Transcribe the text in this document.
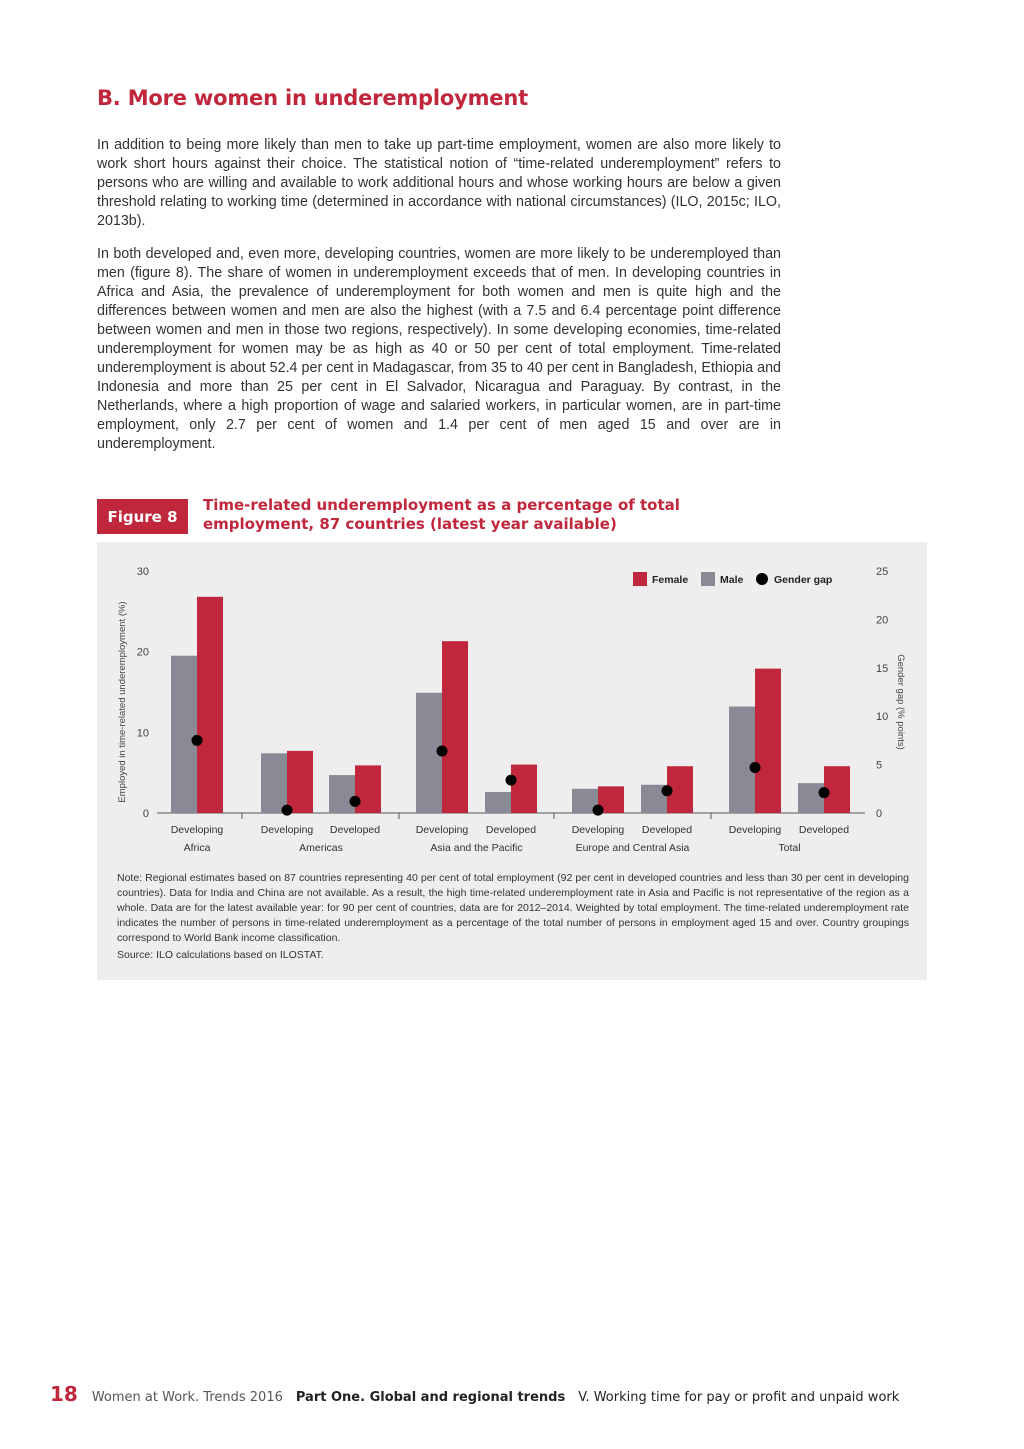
B. More women in underemployment

In addition to being more likely than men to take up part-time employment, women are also more likely to work short hours against their choice. The statistical notion of “time-related underemployment” refers to persons who are willing and available to work additional hours and whose working hours are below a given threshold relating to working time (determined in accordance with national circumstances) (ILO, 2015c; ILO, 2013b).

In both developed and, even more, developing countries, women are more likely to be underemployed than men (figure 8). The share of women in underemployment exceeds that of men. In developing countries in Africa and Asia, the prevalence of underemployment for both women and men is quite high and the differences between women and men are also the highest (with a 7.5 and 6.4 percentage point difference between women and men in those two regions, respectively). In some developing economies, time-related underemployment for women may be as high as 40 or 50 per cent of total employment. Time-related underemployment is about 52.4 per cent in Madagascar, from 35 to 40 per cent in Bangladesh, Ethiopia and Indonesia and more than 25 per cent in El Salvador, Nicaragua and Paraguay. By contrast, in the Netherlands, where a high proportion of wage and salaried workers, in particular women, are in part-time employment, only 2.7 per cent of women and 1.4 per cent of men aged 15 and over are in underemployment.

Figure 8
Time-related underemployment as a percentage of total employment, 87 countries (latest year available)
0
10
20
30
0
5
10
15
20
25
Employed in time-related underemployment (%)	Gender gap (% points)
Developing
Africa
Developing Developed
Americas
Developing Developed
Asia and the Pacific
Developing Developed
Europe and Central Asia
Developing Developed
Total
Female	Male	Gender gap

Note: Regional estimates based on 87 countries representing 40 per cent of total employment (92 per cent in developed countries and less than 30 per cent in developing countries). Data for India and China are not available. As a result, the high time-related underemployment rate in Asia and Pacific is not representative of the region as a whole. Data are for the latest available year: for 90 per cent of countries, data are for 2012–2014. Weighted by total employment. The time-related underemployment rate indicates the number of persons in time-related underemployment as a percentage of the total number of persons in employment aged 15 and over. Country groupings correspond to World Bank income classification.

Source: ILO calculations based on ILOSTAT.

18 Women at Work. Trends 2016 Part One. Global and regional trends V. Working time for pay or profit and unpaid work
